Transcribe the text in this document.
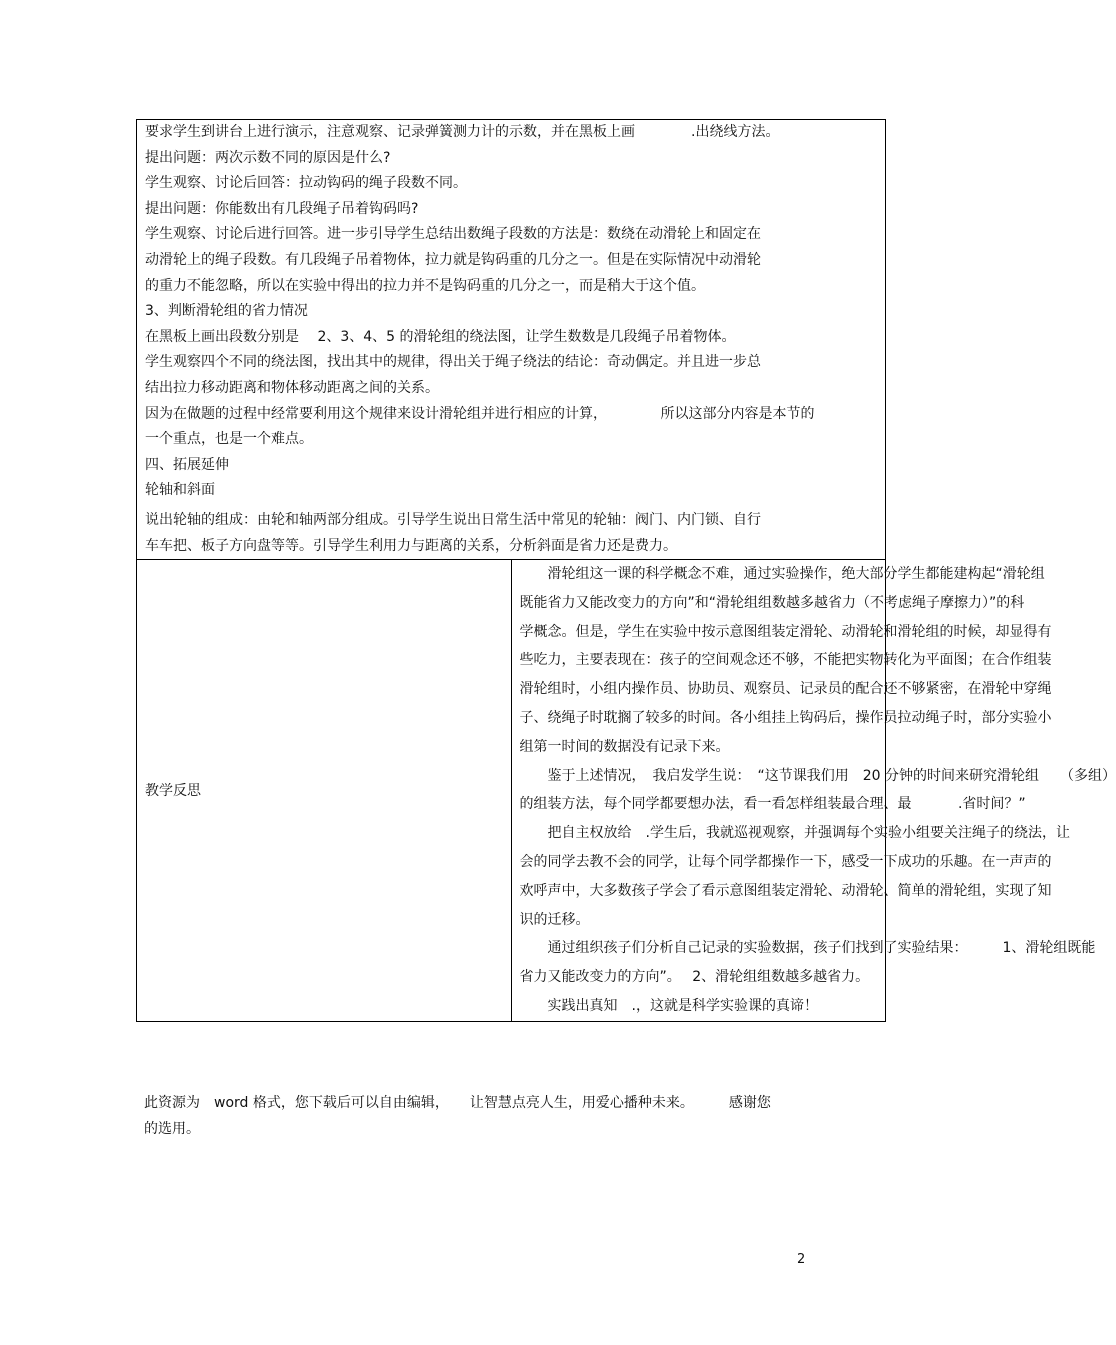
要求学生到讲台上进行演示，注意观察、记录弹簧测力计的示数，并在黑板上画　　　　.出绕线方法。
提出问题：两次示数不同的原因是什么?
学生观察、讨论后回答：拉动钩码的绳子段数不同。
提出问题：你能数出有几段绳子吊着钩码吗?
学生观察、讨论后进行回答。进一步引导学生总结出数绳子段数的方法是：数绕在动滑轮上和固定在
动滑轮上的绳子段数。有几段绳子吊着物体，拉力就是钩码重的几分之一。但是在实际情况中动滑轮
的重力不能忽略，所以在实验中得出的拉力并不是钩码重的几分之一，而是稍大于这个值。
3、判断滑轮组的省力情况
在黑板上画出段数分别是　 2、3、4、5 的滑轮组的绕法图，让学生数数是几段绳子吊着物体。
学生观察四个不同的绕法图，找出其中的规律，得出关于绳子绕法的结论：奇动偶定。并且进一步总
结出拉力移动距离和物体移动距离之间的关系。
因为在做题的过程中经常要利用这个规律来设计滑轮组并进行相应的计算，　　　　 所以这部分内容是本节的
一个重点，也是一个难点。
四、拓展延伸
轮轴和斜面
说出轮轴的组成：由轮和轴两部分组成。引导学生说出日常生活中常见的轮轴：阀门、内门锁、自行
车车把、板子方向盘等等。引导学生利用力与距离的关系，分析斜面是省力还是费力。

教学反思

滑轮组这一课的科学概念不难，通过实验操作，绝大部分学生都能建构起“滑轮组
既能省力又能改变力的方向”和“滑轮组组数越多越省力（不考虑绳子摩擦力）”的科
学概念。但是，学生在实验中按示意图组装定滑轮、动滑轮和滑轮组的时候，却显得有
些吃力，主要表现在：孩子的空间观念还不够，不能把实物转化为平面图；在合作组装
滑轮组时，小组内操作员、协助员、观察员、记录员的配合还不够紧密，在滑轮中穿绳
子、绕绳子时耽搁了较多的时间。各小组挂上钩码后，操作员拉动绳子时，部分实验小
组第一时间的数据没有记录下来。
鉴于上述情况，　我启发学生说：　“这节课我们用　20 分钟的时间来研究滑轮组　　（多组）
的组装方法，每个同学都要想办法，看一看怎样组装最合理、最　　　 .省时间？”
把自主权放给　.学生后，我就巡视观察，并强调每个实验小组要关注绳子的绕法，让
会的同学去教不会的同学，让每个同学都操作一下，感受一下成功的乐趣。在一声声的
欢呼声中，大多数孩子学会了看示意图组装定滑轮、动滑轮、简单的滑轮组，实现了知
识的迁移。
通过组织孩子们分析自己记录的实验数据，孩子们找到了实验结果：　　　1、滑轮组既能
省力又能改变力的方向”。　 2、滑轮组组数越多越省力。
实践出真知　.，这就是科学实验课的真谛！
此资源为　word 格式，您下载后可以自由编辑，　　让智慧点亮人生，用爱心播种未来。　　　感谢您
的选用。
2
